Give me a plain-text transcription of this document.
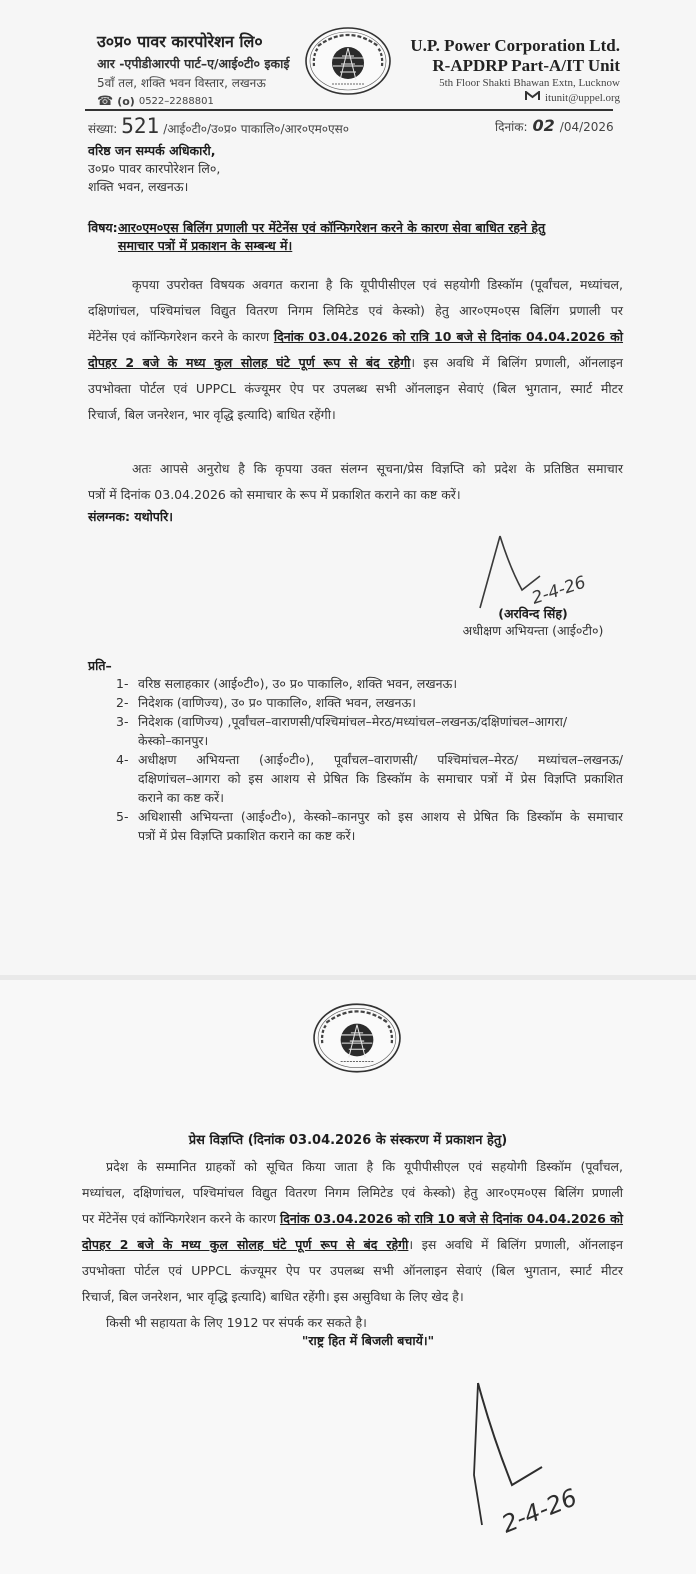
उ०प्र० पावर कारपोरेशन लि०
आर -एपीडीआरपी पार्ट–ए/आई०टी० इकाई
5वाँ तल, शक्ति भवन विस्तार, लखनऊ
☎ (o) 0522–2288801
U.P. Power Corporation Ltd.
R-APDRP Part-A/IT Unit
5th Floor Shakti Bhawan Extn, Lucknow
itunit@uppel.org
संख्या: 521 /आई०टी०/उ०प्र० पाकालि०/आर०एम०एस०	दिनांक: 02 /04/2026
वरिष्ठ जन सम्पर्क अधिकारी,
उ०प्र० पावर कारपोरेशन लि०,
शक्ति भवन, लखनऊ।
विषय: आर०एम०एस बिलिंग प्रणाली पर मेंटेनेंस एवं कॉन्फिगरेशन करने के कारण सेवा बाधित रहने हेतु
समाचार पत्रों में प्रकाशन के सम्बन्ध में।
कृपया उपरोक्त विषयक अवगत कराना है कि यूपीपीसीएल एवं सहयोगी डिस्कॉम (पूर्वांचल, मध्यांचल,
दक्षिणांचल, पश्चिमांचल विद्युत वितरण निगम लिमिटेड एवं केस्को) हेतु आर०एम०एस बिलिंग प्रणाली पर
मेंटेनेंस एवं कॉन्फिगरेशन करने के कारण दिनांक 03.04.2026 को रात्रि 10 बजे से दिनांक 04.04.2026 को
दोपहर 2 बजे के मध्य कुल सोलह घंटे पूर्ण रूप से बंद रहेगी। इस अवधि में बिलिंग प्रणाली, ऑनलाइन
उपभोक्ता पोर्टल एवं UPPCL कंज्यूमर ऐप पर उपलब्ध सभी ऑनलाइन सेवाएं (बिल भुगतान, स्मार्ट मीटर
रिचार्ज, बिल जनरेशन, भार वृद्धि इत्यादि) बाधित रहेंगी।
अतः आपसे अनुरोध है कि कृपया उक्त संलग्न सूचना/प्रेस विज्ञप्ति को प्रदेश के प्रतिष्ठित समाचार
पत्रों में दिनांक 03.04.2026 को समाचार के रूप में प्रकाशित कराने का कष्ट करें।
संलग्नक: यथोपरि।
2-4-26
(अरविन्द सिंह)
अधीक्षण अभियन्ता (आई०टी०)
प्रति–
1- वरिष्ठ सलाहकार (आई०टी०), उ० प्र० पाकालि०, शक्ति भवन, लखनऊ।
2- निदेशक (वाणिज्य), उ० प्र० पाकालि०, शक्ति भवन, लखनऊ।
3- निदेशक (वाणिज्य) ,पूर्वांचल–वाराणसी/पश्चिमांचल–मेरठ/मध्यांचल–लखनऊ/दक्षिणांचल–आगरा/
केस्को–कानपुर।
4- अधीक्षण अभियन्ता (आई०टी०), पूर्वांचल–वाराणसी/ पश्चिमांचल–मेरठ/ मध्यांचल–लखनऊ/
दक्षिणांचल–आगरा को इस आशय से प्रेषित कि डिस्कॉम के समाचार पत्रों में प्रेस विज्ञप्ति प्रकाशित
कराने का कष्ट करें।
5- अधिशासी अभियन्ता (आई०टी०), केस्को–कानपुर को इस आशय से प्रेषित कि डिस्कॉम के समाचार
पत्रों में प्रेस विज्ञप्ति प्रकाशित कराने का कष्ट करें।
प्रेस विज्ञप्ति (दिनांक 03.04.2026 के संस्करण में प्रकाशन हेतु)
प्रदेश के सम्मानित ग्राहकों को सूचित किया जाता है कि यूपीपीसीएल एवं सहयोगी डिस्कॉम (पूर्वांचल,
मध्यांचल, दक्षिणांचल, पश्चिमांचल विद्युत वितरण निगम लिमिटेड एवं केस्को) हेतु आर०एम०एस बिलिंग प्रणाली
पर मेंटेनेंस एवं कॉन्फिगरेशन करने के कारण दिनांक 03.04.2026 को रात्रि 10 बजे से दिनांक 04.04.2026 को
दोपहर 2 बजे के मध्य कुल सोलह घंटे पूर्ण रूप से बंद रहेगी। इस अवधि में बिलिंग प्रणाली, ऑनलाइन
उपभोक्ता पोर्टल एवं UPPCL कंज्यूमर ऐप पर उपलब्ध सभी ऑनलाइन सेवाएं (बिल भुगतान, स्मार्ट मीटर
रिचार्ज, बिल जनरेशन, भार वृद्धि इत्यादि) बाधित रहेंगी। इस असुविधा के लिए खेद है।
किसी भी सहायता के लिए 1912 पर संपर्क कर सकते है।
"राष्ट्र हित में बिजली बचायें।"
2-4-26
